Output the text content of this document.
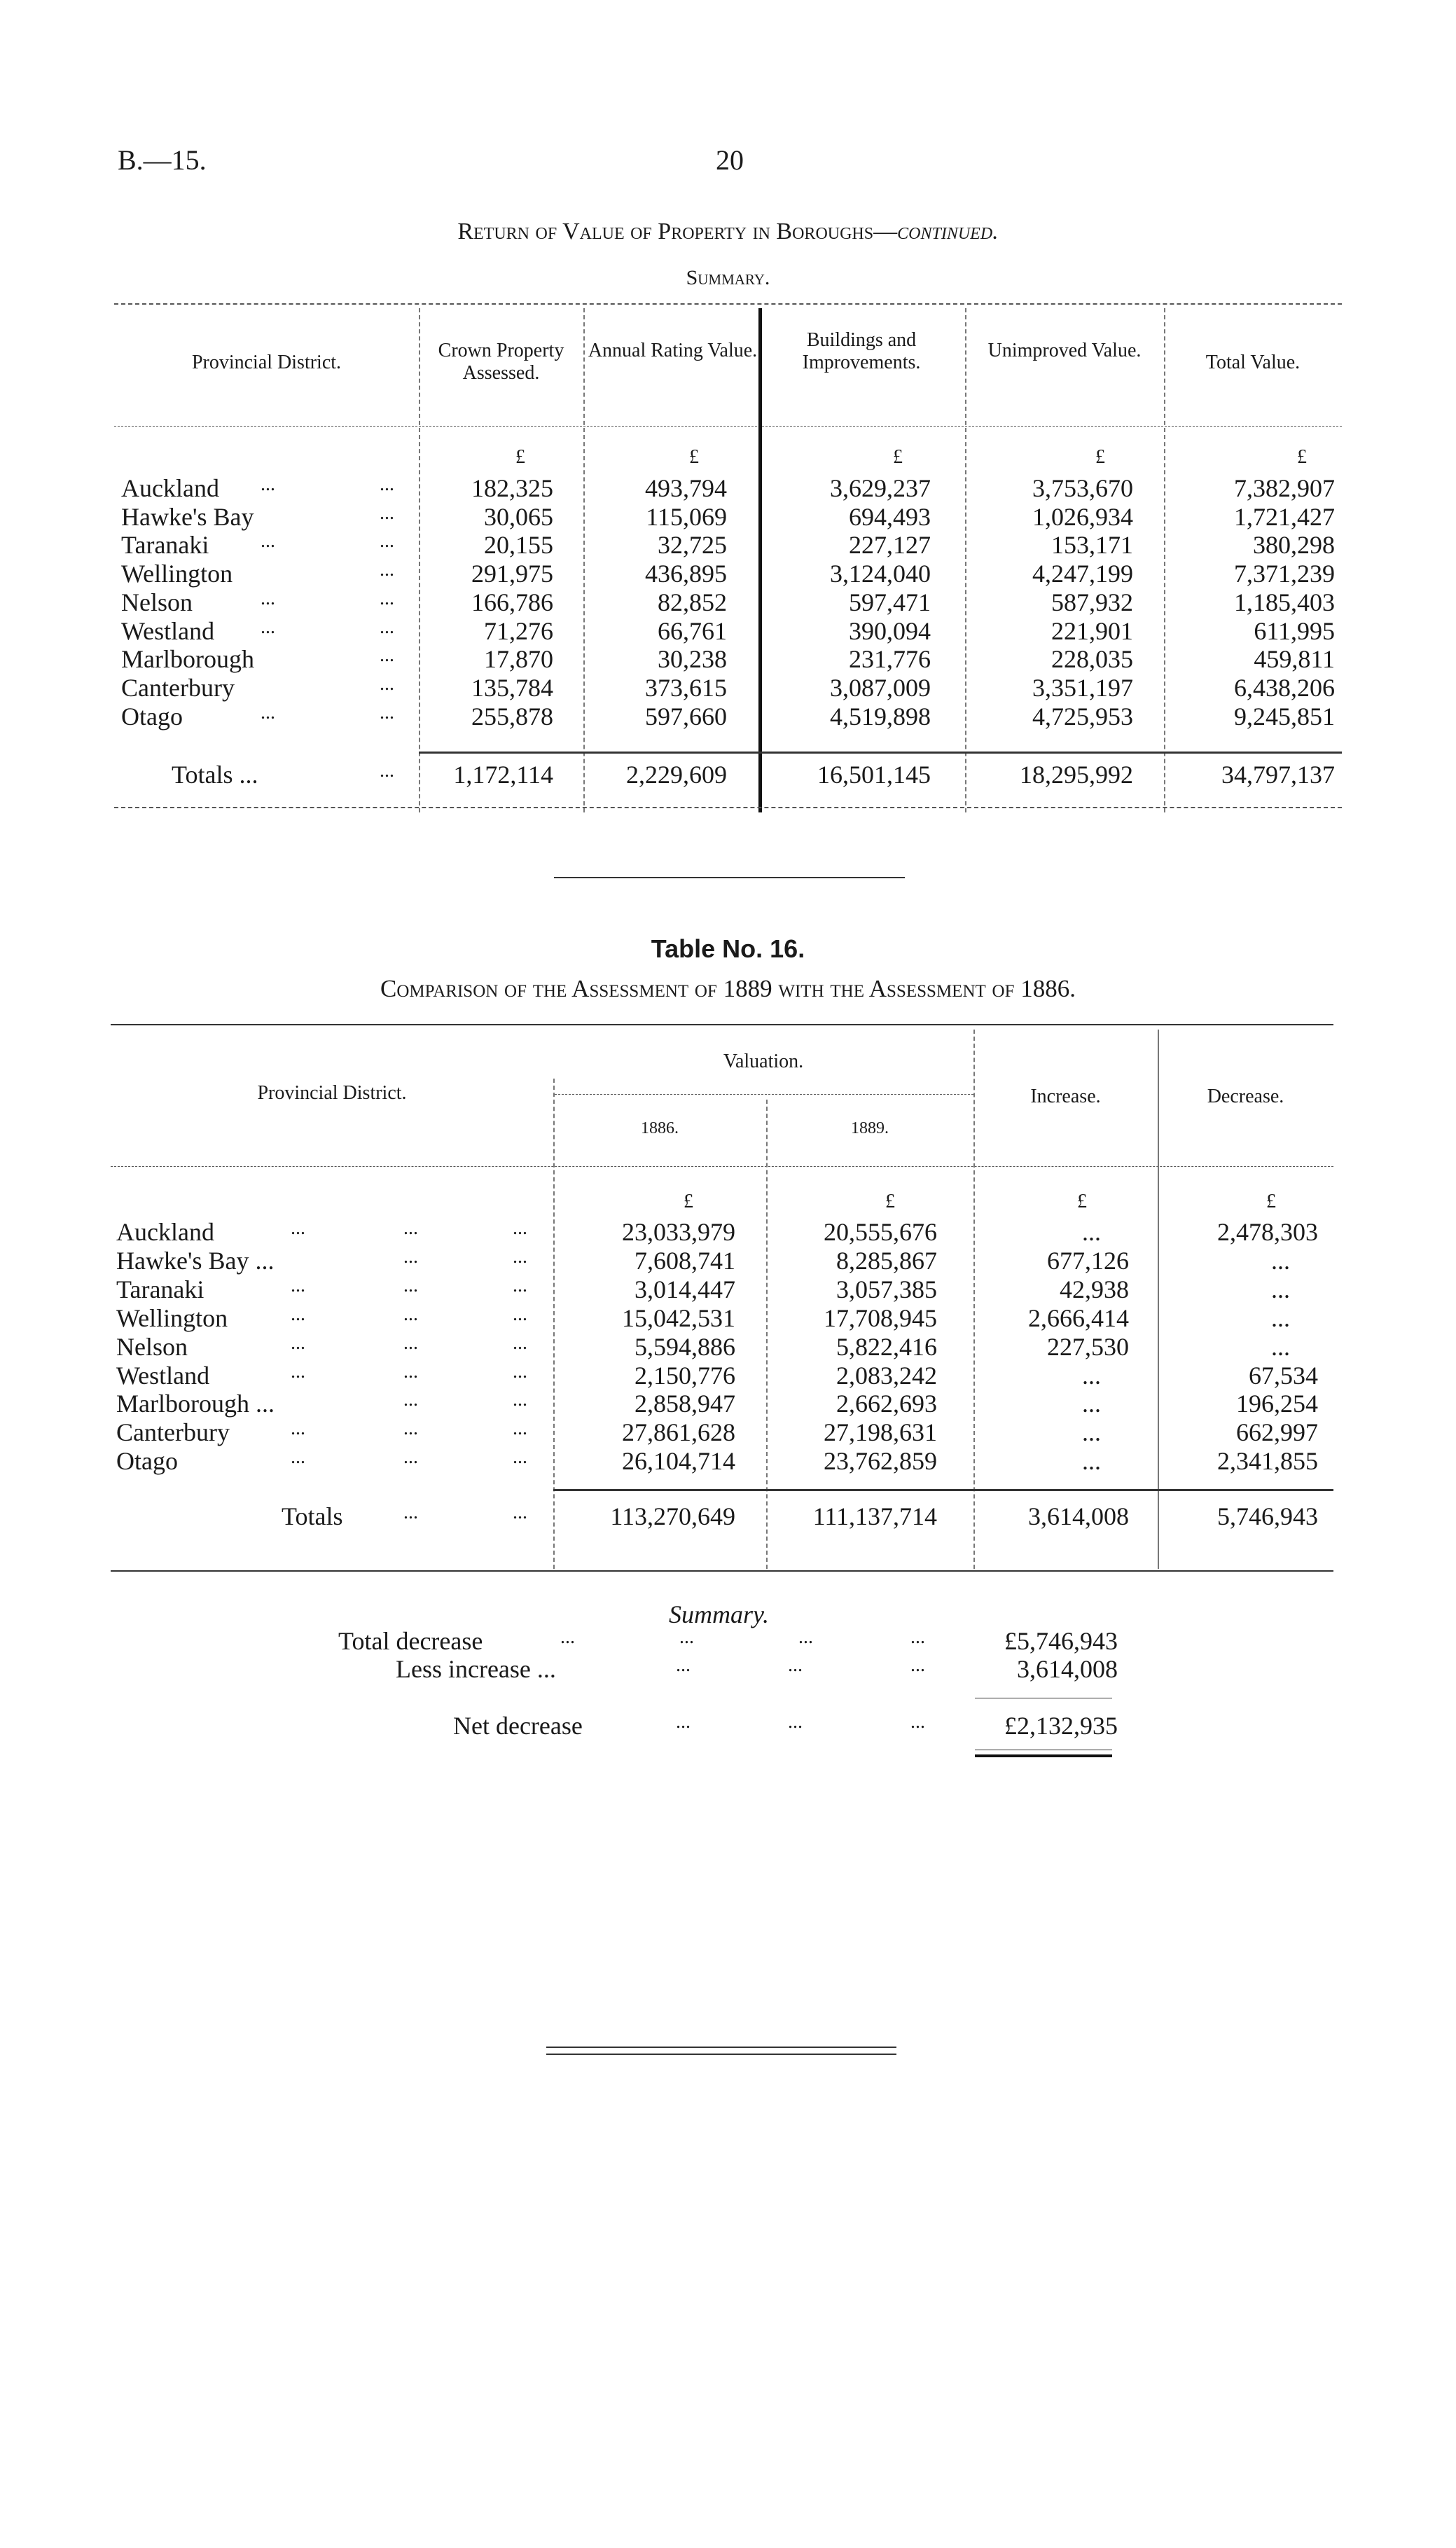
B.—15.	20
Return of Value of Property in Boroughs—continued.
Summary.
Provincial District.
Crown Property Assessed.
Annual Rating Value.	Buildings and Improvements.
Unimproved Value.
Total Value.
£	£	£	£	£
Auckland ...	...	182,325	493,794	3,629,237	3,753,670	7,382,907
Hawke's Bay	...	30,065	115,069	694,493	1,026,934	1,721,427
Taranaki	...	...	20,155	32,725	227,127	153,171	380,298
Wellington	...	291,975	436,895	3,124,040	4,247,199	7,371,239
Nelson	...	...	166,786	82,852	597,471	587,932	1,185,403
Westland ...	...	71,276	66,761	390,094	221,901	611,995
Marlborough	...	17,870	30,238	231,776	228,035	459,811
Canterbury	...	135,784	373,615	3,087,009	3,351,197	6,438,206
Otago	...	...	255,878	597,660	4,519,898	4,725,953	9,245,851
Totals ...	... 1,172,114	2,229,609	16,501,145	18,295,992	34,797,137
Table No. 16.
Comparison of the Assessment of 1889 with the Assessment of 1886.
Provincial District.
Valuation.
1886.	1889.
Increase.	Decrease.
£	£	£	£
Auckland	...	...	...	23,033,979	20,555,676	...	2,478,303
Hawke's Bay ...	...	...	7,608,741	8,285,867	677,126	...
Taranaki	...	...	...	3,014,447	3,057,385	42,938	...
Wellington	...	...	...	15,042,531	17,708,945	2,666,414	...
Nelson	...	...	...	5,594,886	5,822,416	227,530	...
Westland	...	...	...	2,150,776	2,083,242	...	67,534
Marlborough ...	...	...	2,858,947	2,662,693	...	196,254
Canterbury	...	...	...	27,861,628	27,198,631	...	662,997
Otago	...	...	...	26,104,714	23,762,859	...	2,341,855
Totals	...	...	113,270,649	111,137,714	3,614,008	5,746,943
Summary.
Total decrease	...	...	...	...	£5,746,943
Less increase ...	...	...	...	3,614,008
Net decrease	...	...	...	£2,132,935
